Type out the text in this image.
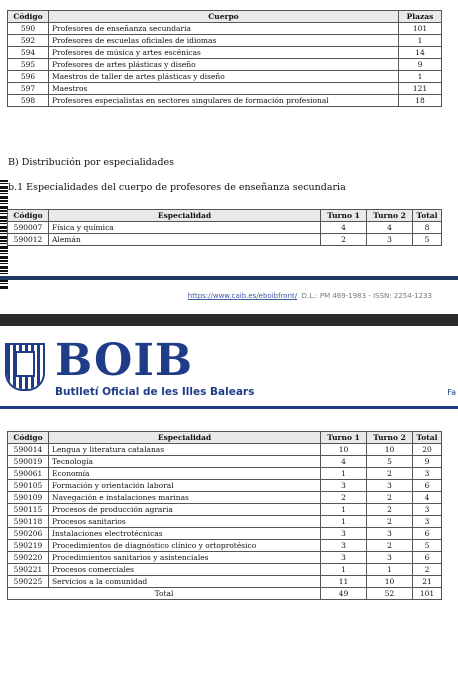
Código	Cuerpo	Plazas
590	Profesores de enseñanza secundaria	101
592	Profesores de escuelas oficiales de idiomas	1
594	Profesores de música y artes escénicas	14
595	Profesores de artes plásticas y diseño	9
596	Maestros de taller de artes plásticas y diseño	1
597	Maestros	121
598	Profesores especialistas en sectores singulares de formación profesional	18
B) Distribución por especialidades
b.1 Especialidades del cuerpo de profesores de enseñanza secundaria
Código	Especialidad	Turno 1	Turno 2	Total
590007	Física y química	4	4	8
590012	Alemán	2	3	5
https://www.caib.es/eboibfront/ D.L.: PM 469-1983 - ISSN: 2254-1233
BOIB
Butlletí Oficial de les Illes Balears	Fa
Código	Especialidad	Turno 1	Turno 2	Total
590014	Lengua y literatura catalanas	10	10	20
590019	Tecnología	4	5	9
590061	Economía	1	2	3
590105	Formación y orientación laboral	3	3	6
590109	Navegación e instalaciones marinas	2	2	4
590115	Procesos de producción agraria	1	2	3
590118	Procesos sanitarios	1	2	3
590206	Instalaciones electrotécnicas	3	3	6
590219	Procedimientos de diagnóstico clínico y ortoprotésico	3	2	5
590220	Procedimientos sanitarios y asistenciales	3	3	6
590221	Procesos comerciales	1	1	2
590225	Servicios a la comunidad	11	10	21
Total		49	52	101
